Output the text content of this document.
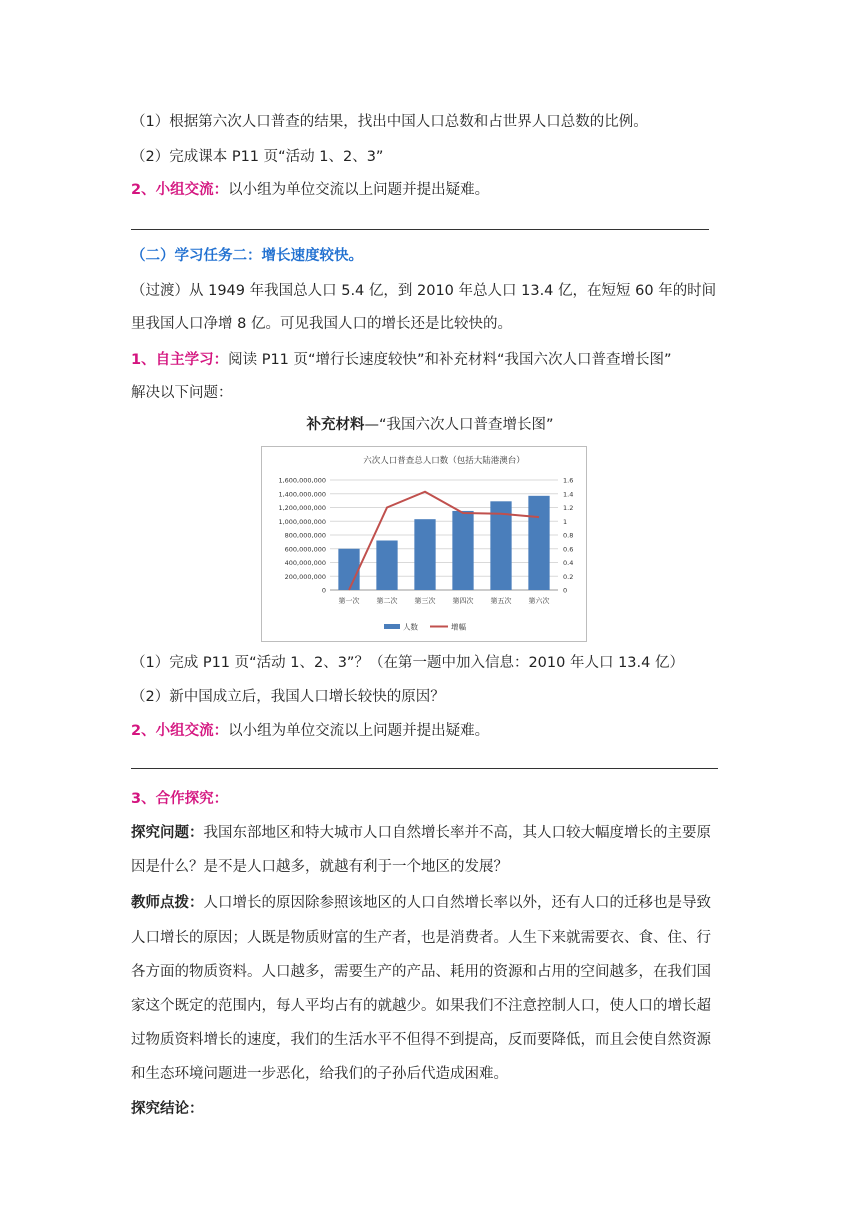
（1）根据第六次人口普查的结果，找出中国人口总数和占世界人口总数的比例。
（2）完成课本 P11 页“活动 1、2、3”
2、小组交流：以小组为单位交流以上问题并提出疑难。
（二）学习任务二：增长速度较快。
（过渡）从 1949 年我国总人口 5.4 亿，到 2010 年总人口 13.4 亿，在短短 60 年的时间
里我国人口净增 8 亿。可见我国人口的增长还是比较快的。
1、自主学习：阅读 P11 页“增行长速度较快”和补充材料“我国六次人口普查增长图”
解决以下问题：
补充材料—“我国六次人口普查增长图”
六次人口普查总人口数（包括大陆港澳台）
0	0
200,000,000	0.2
400,000,000	0.4
600,000,000	0.6
800,000,000	0.8
1,000,000,000	1
1,200,000,000	1.2
1,400,000,000	1.4
1,600,000,000	1.6
第一次 第二次 第三次 第四次 第五次 第六次
人数	增幅
（1）完成 P11 页“活动 1、2、3”？（在第一题中加入信息：2010 年人口 13.4 亿）
（2）新中国成立后，我国人口增长较快的原因？
2、小组交流：以小组为单位交流以上问题并提出疑难。
3、合作探究：
探究问题：我国东部地区和特大城市人口自然增长率并不高，其人口较大幅度增长的主要原
因是什么？是不是人口越多，就越有利于一个地区的发展？
教师点拨：人口增长的原因除参照该地区的人口自然增长率以外，还有人口的迁移也是导致
人口增长的原因；人既是物质财富的生产者，也是消费者。人生下来就需要衣、食、住、行
各方面的物质资料。人口越多，需要生产的产品、耗用的资源和占用的空间越多，在我们国
家这个既定的范围内，每人平均占有的就越少。如果我们不注意控制人口，使人口的增长超
过物质资料增长的速度，我们的生活水平不但得不到提高，反而要降低，而且会使自然资源
和生态环境问题进一步恶化，给我们的子孙后代造成困难。
探究结论：
